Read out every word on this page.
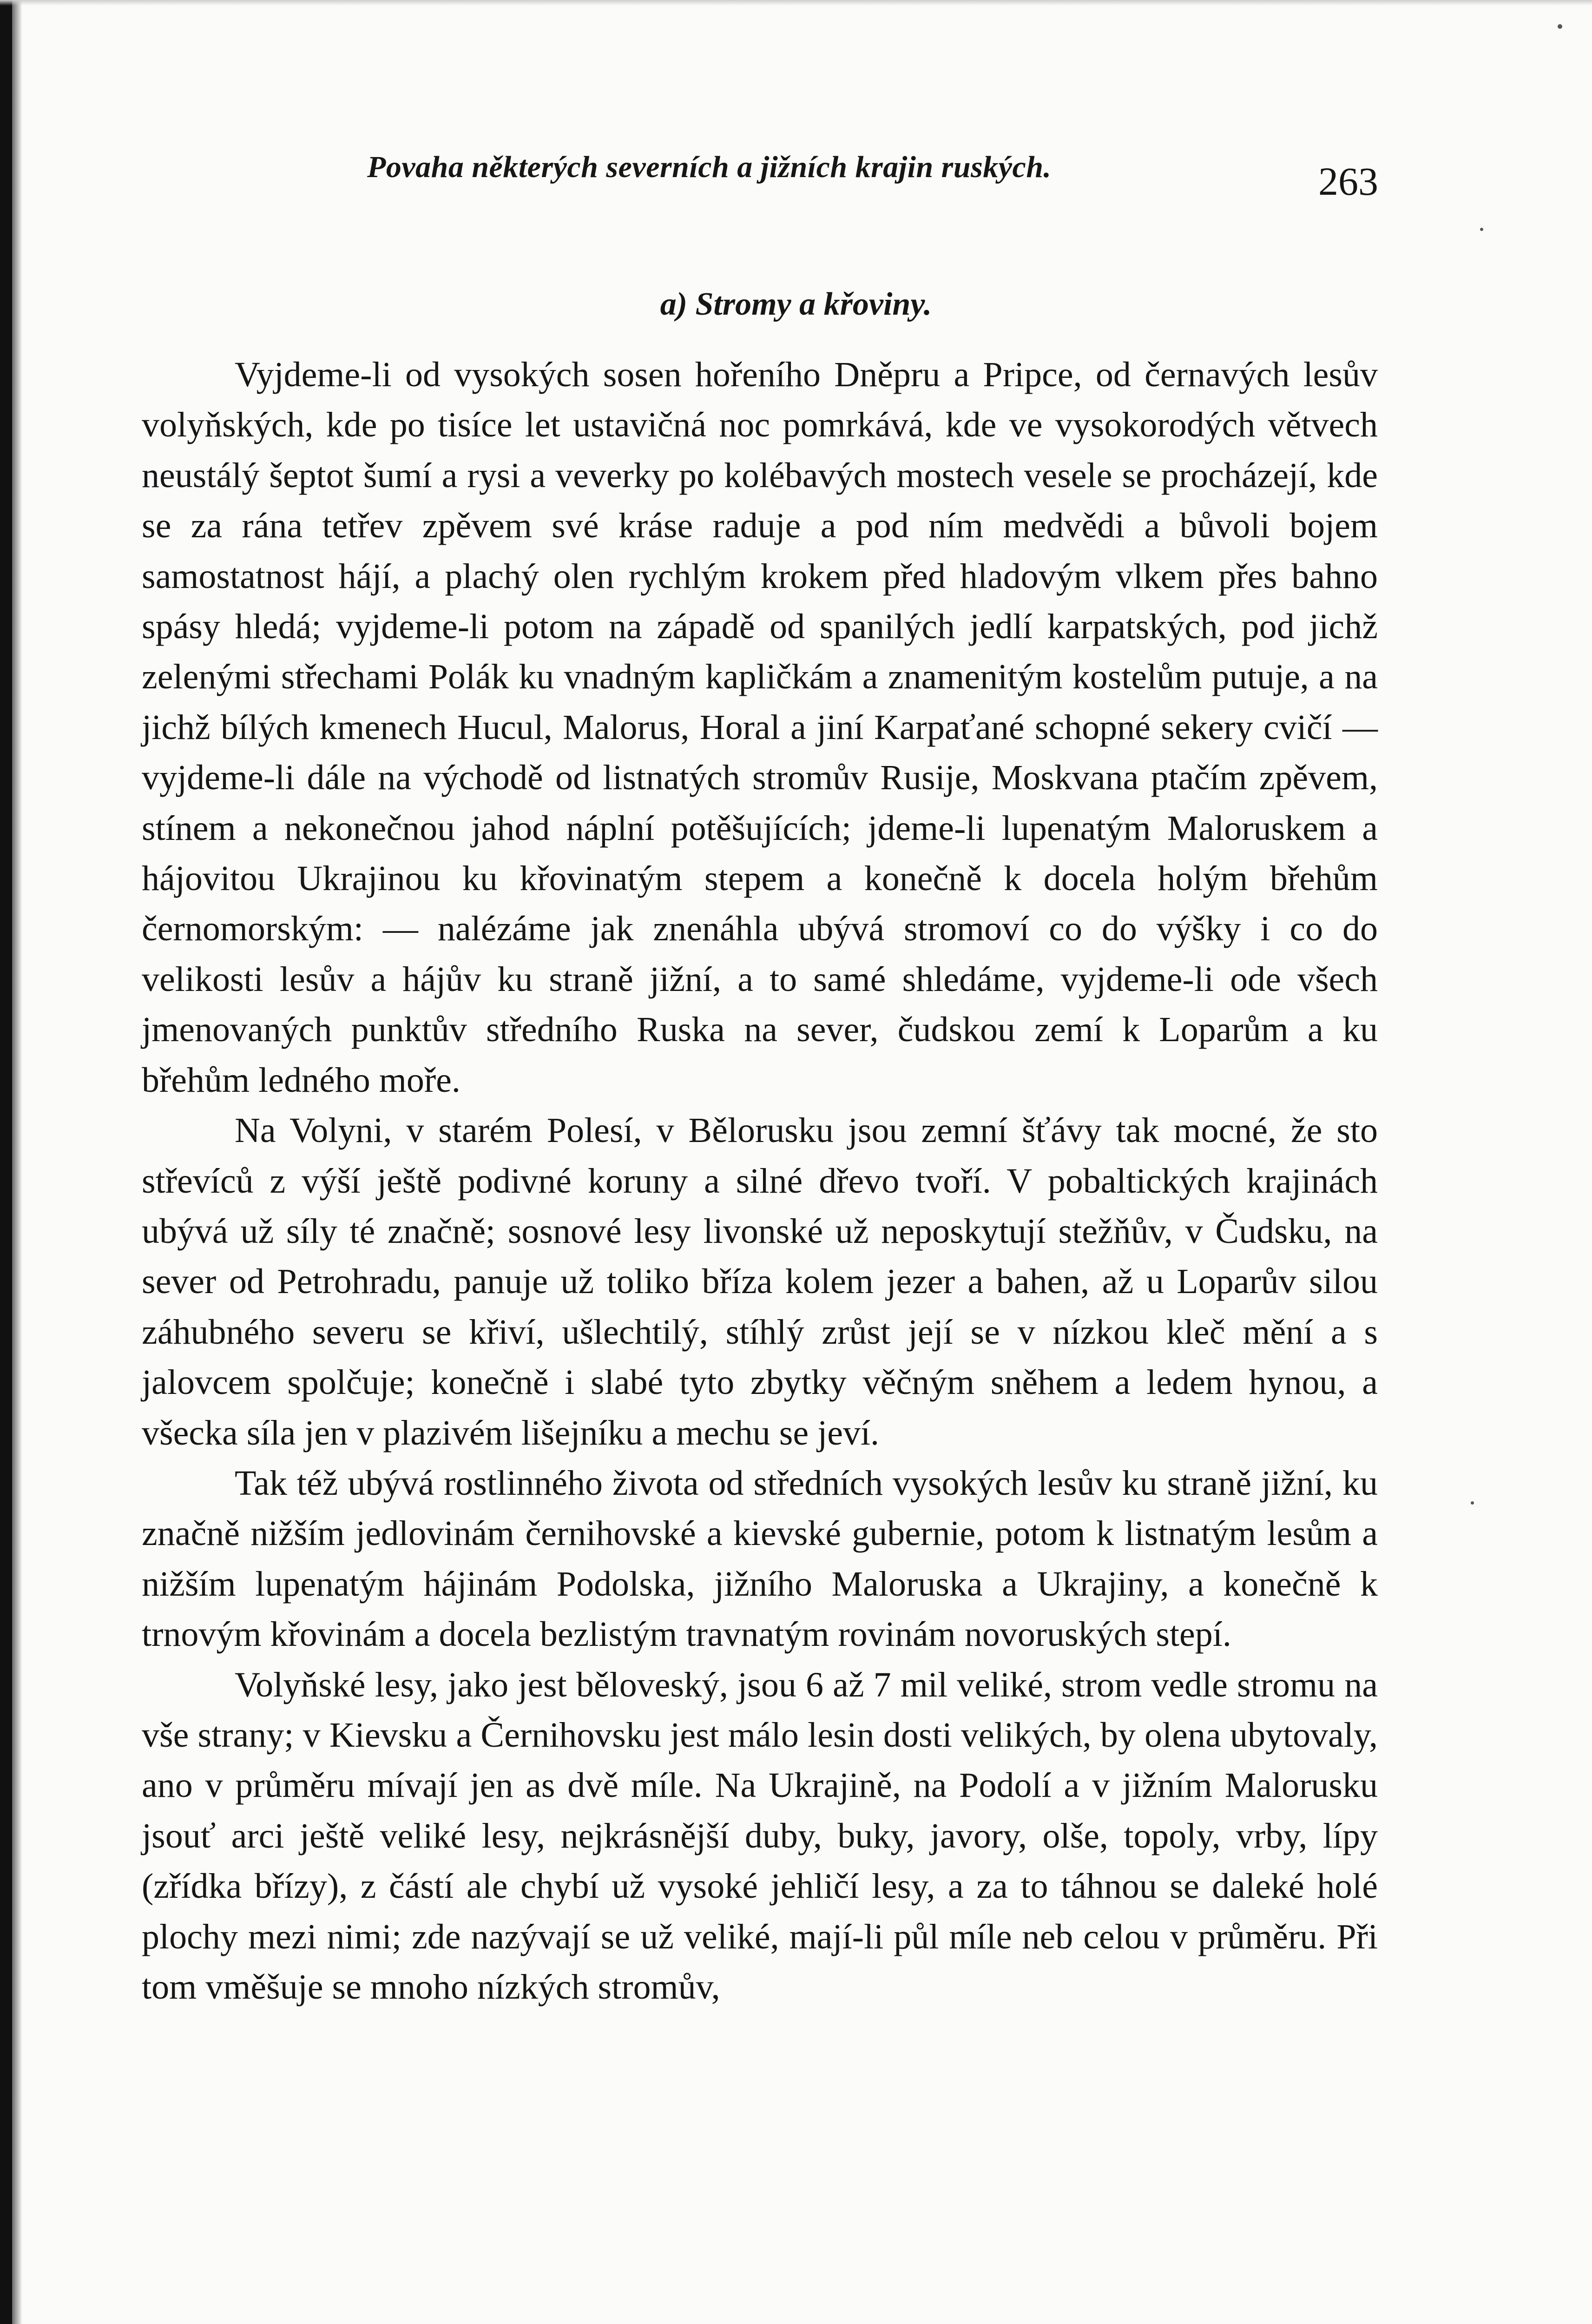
Povaha některých severních a jižních krajin ruských.	263
a) Stromy a křoviny.

Vyjdeme-li od vysokých sosen hořeního Dněpru a Pripce, od černavých lesův volyňských, kde po tisíce let ustavičná noc pomrkává, kde ve vysokorodých větvech neustálý šeptot šumí a rysi a veverky po kolébavých mostech vesele se procházejí, kde se za rána tetřev zpěvem své kráse raduje a pod ním medvědi a bůvoli bojem samostatnost hájí, a plachý olen rychlým krokem před hladovým vlkem přes bahno spásy hledá; vyjdeme-li potom na západě od spanilých jedlí karpatských, pod jichž zelenými střechami Polák ku vnadným kapličkám a znamenitým kostelům putuje, a na jichž bílých kmenech Hucul, Malorus, Horal a jiní Karpaťané schopné sekery cvičí — vyjdeme-li dále na východě od listnatých stromův Rusije, Moskvana ptačím zpěvem, stínem a nekonečnou jahod náplní potěšujících; jdeme-li lupenatým Maloruskem a hájovitou Ukrajinou ku křovinatým stepem a konečně k docela holým břehům černomorským: — nalézáme jak znenáhla ubývá stromoví co do výšky i co do velikosti lesův a hájův ku straně jižní, a to samé shledáme, vyjdeme-li ode všech jmenovaných punktův středního Ruska na sever, čudskou zemí k Loparům a ku břehům ledného moře.

Na Volyni, v starém Polesí, v Bělorusku jsou zemní šťávy tak mocné, že sto střevíců z výší ještě podivné koruny a silné dřevo tvoří. V pobaltických krajinách ubývá už síly té značně; sosnové lesy livonské už neposkytují stežňův, v Čudsku, na sever od Petrohradu, panuje už toliko bříza kolem jezer a bahen, až u Loparův silou záhubného severu se křiví, ušlechtilý, stíhlý zrůst její se v nízkou kleč mění a s jalovcem spolčuje; konečně i slabé tyto zbytky věčným sněhem a ledem hynou, a všecka síla jen v plazivém lišejníku a mechu se jeví.

Tak též ubývá rostlinného života od středních vysokých lesův ku straně jižní, ku značně nižším jedlovinám černihovské a kievské gubernie, potom k listnatým lesům a nižším lupenatým hájinám Podolska, jižního Maloruska a Ukrajiny, a konečně k trnovým křovinám a docela bezlistým travnatým rovinám novoruských stepí.

Volyňské lesy, jako jest běloveský, jsou 6 až 7 mil veliké, strom vedle stromu na vše strany; v Kievsku a Černihovsku jest málo lesin dosti velikých, by olena ubytovaly, ano v průměru mívají jen as dvě míle. Na Ukrajině, na Podolí a v jižním Malorusku jsouť arci ještě veliké lesy, nejkrásnější duby, buky, javory, olše, topoly, vrby, lípy (zřídka břízy), z částí ale chybí už vysoké jehličí lesy, a za to táhnou se daleké holé plochy mezi nimi; zde nazývají se už veliké, mají-li půl míle neb celou v průměru. Při tom vměšuje se mnoho nízkých stromův,
